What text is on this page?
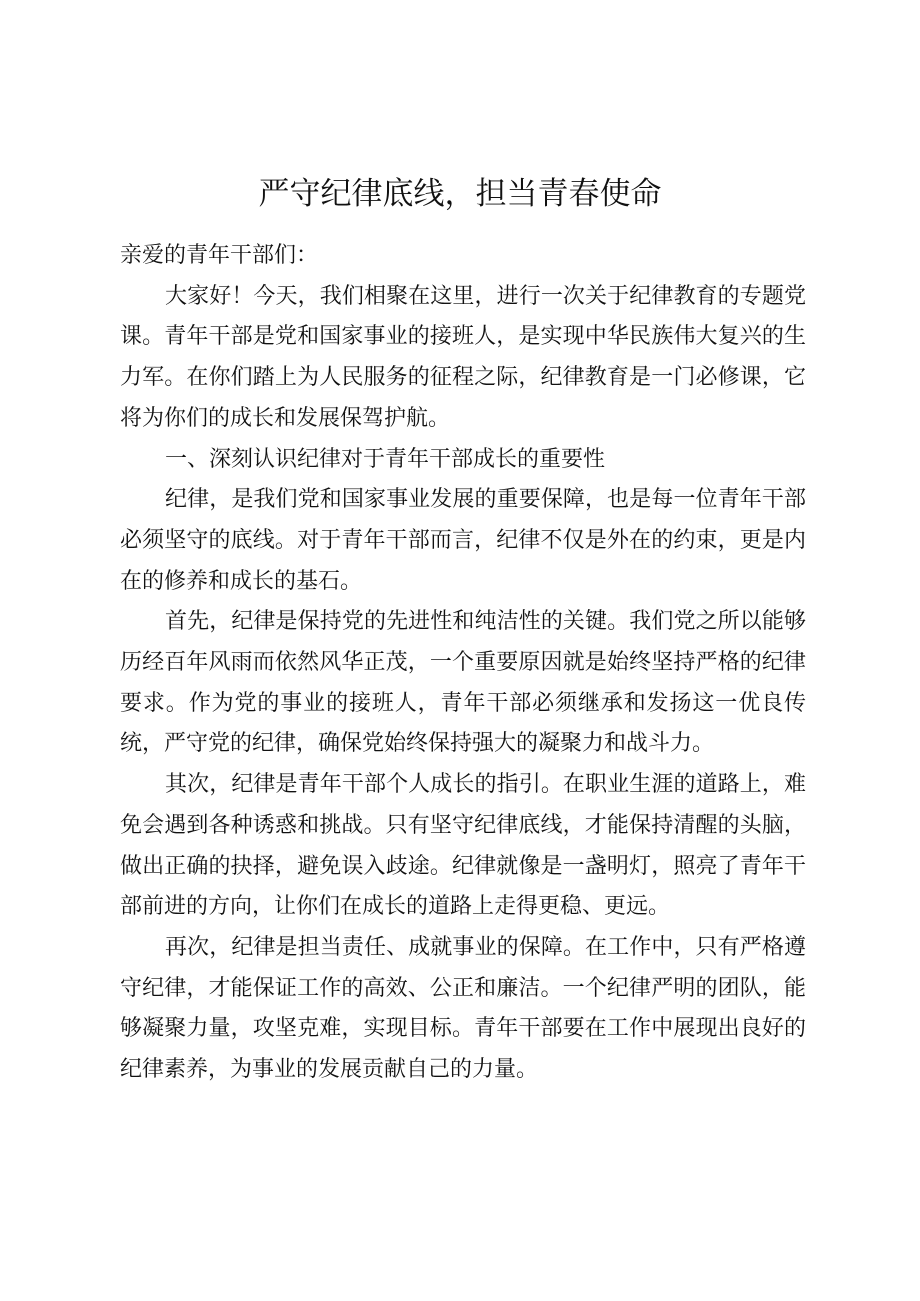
严守纪律底线，担当青春使命

亲爱的青年干部们：

大家好！今天，我们相聚在这里，进行一次关于纪律教育的专题党课。青年干部是党和国家事业的接班人，是实现中华民族伟大复兴的生力军。在你们踏上为人民服务的征程之际，纪律教育是一门必修课，它将为你们的成长和发展保驾护航。

一、深刻认识纪律对于青年干部成长的重要性

纪律，是我们党和国家事业发展的重要保障，也是每一位青年干部必须坚守的底线。对于青年干部而言，纪律不仅是外在的约束，更是内在的修养和成长的基石。

首先，纪律是保持党的先进性和纯洁性的关键。我们党之所以能够历经百年风雨而依然风华正茂，一个重要原因就是始终坚持严格的纪律要求。作为党的事业的接班人，青年干部必须继承和发扬这一优良传统，严守党的纪律，确保党始终保持强大的凝聚力和战斗力。

其次，纪律是青年干部个人成长的指引。在职业生涯的道路上，难免会遇到各种诱惑和挑战。只有坚守纪律底线，才能保持清醒的头脑，做出正确的抉择，避免误入歧途。纪律就像是一盏明灯，照亮了青年干部前进的方向，让你们在成长的道路上走得更稳、更远。

再次，纪律是担当责任、成就事业的保障。在工作中，只有严格遵守纪律，才能保证工作的高效、公正和廉洁。一个纪律严明的团队，能够凝聚力量，攻坚克难，实现目标。青年干部要在工作中展现出良好的纪律素养，为事业的发展贡献自己的力量。
